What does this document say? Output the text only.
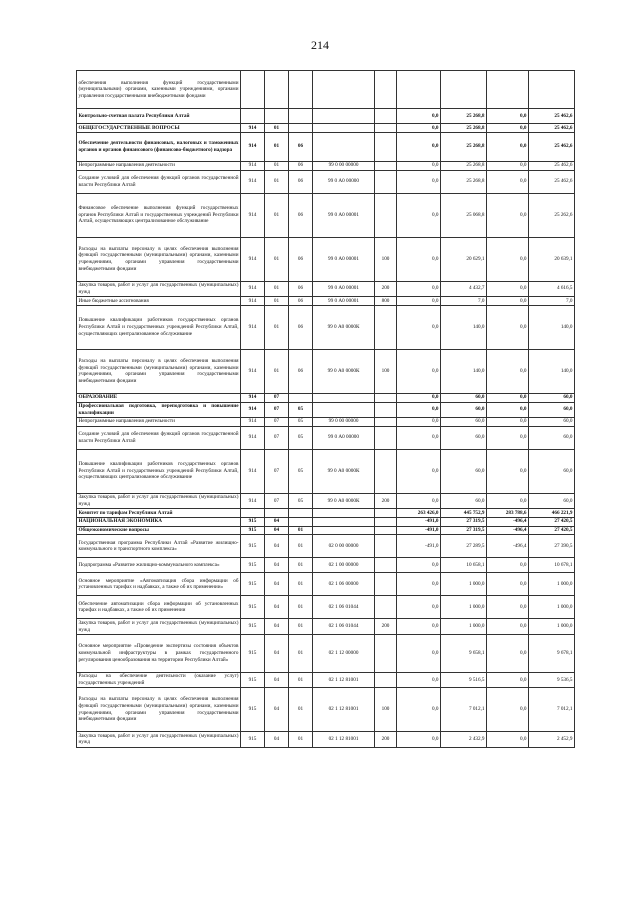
214
обеспечения выполнения функций государственными (муниципальными) органами, казенными учреждениями, органами управления государственными внебюджетными фондами									
Контрольно-счетная палата Республики Алтай						0,0	25 268,8	0,0	25 462,6
ОБЩЕГОСУДАРСТВЕННЫЕ ВОПРОСЫ	914	01				0,0	25 268,8	0,0	25 462,6
Обеспечение деятельности финансовых, налоговых и таможенных органов и органов финансового (финансово-бюджетного) надзора	914	01	06			0,0	25 268,8	0,0	25 462,6
Непрограммные направления деятельности	914	01	06	99 0 00 00000		0,0	25 268,8	0,0	25 462,6
Создание условий для обеспечения функций органов государственной власти Республики Алтай	914	01	06	99 0 А0 00000		0,0	25 268,8	0,0	25 462,6
Финансовое обеспечение выполнения функций государственных органов Республики Алтай и государственных учреждений Республики Алтай, осуществляющих централизованное обслуживание	914	01	06	99 0 А0 00001		0,0	25 068,8	0,0	25 262,6
Расходы на выплаты персоналу в целях обеспечения выполнения функций государственными (муниципальными) органами, казенными учреждениями, органами управления государственными внебюджетными фондами	914	01	06	99 0 А0 00001	100	0,0	20 629,1	0,0	20 639,1
Закупка товаров, работ и услуг для государственных (муниципальных) нужд	914	01	06	99 0 А0 00001	200	0,0	4 432,7	0,0	4 616,5
Иные бюджетные ассигнования	914	01	06	99 0 А0 00001	800	0,0	7,0	0,0	7,0
Повышение квалификации работников государственных органов Республики Алтай и государственных учреждений Республики Алтай, осуществляющих централизованное обслуживание	914	01	06	99 0 А0 0000К		0,0	140,0	0,0	140,0
Расходы на выплаты персоналу в целях обеспечения выполнения функций государственными (муниципальными) органами, казенными учреждениями, органами управления государственными внебюджетными фондами	914	01	06	99 0 А0 0000К	100	0,0	140,0	0,0	140,0
ОБРАЗОВАНИЕ	914	07				0,0	60,0	0,0	60,0
Профессиональная подготовка, переподготовка и повышение квалификации	914	07	05			0,0	60,0	0,0	60,0
Непрограммные направления деятельности	914	07	05	99 0 00 00000		0,0	60,0	0,0	60,0
Создание условий для обеспечения функций органов государственной власти Республики Алтай	914	07	05	99 0 А0 00000		0,0	60,0	0,0	60,0
Повышение квалификации работников государственных органов Республики Алтай и государственных учреждений Республики Алтай, осуществляющих централизованное обслуживание	914	07	05	99 0 А0 0000К		0,0	60,0	0,0	60,0
Закупка товаров, работ и услуг для государственных (муниципальных) нужд	914	07	05	99 0 А0 0000К	200	0,0	60,0	0,0	60,0
Комитет по тарифам Республики Алтай						263 426,0	445 752,9	283 788,6	466 221,9
НАЦИОНАЛЬНАЯ ЭКОНОМИКА	915	04				-491,0	27 319,5	-496,4	27 420,5
Общеэкономические вопросы	915	04	01			-491,0	27 319,5	-496,4	27 420,5
Государственная программа Республики Алтай «Развитие жилищно-коммунального и транспортного комплекса»	915	04	01	02 0 00 00000		-491,0	27 289,5	-496,4	27 390,5
Подпрограмма «Развитие жилищно-коммунального комплекса»	915	04	01	02 1 00 00000		0,0	10 658,1	0,0	10 678,1
Основное мероприятие «Автоматизация сбора информации об установленных тарифах и надбавках, а также об их применении»	915	04	01	02 1 06 00000		0,0	1 000,0	0,0	1 000,0
Обеспечение автоматизации сбора информации об установленных тарифах и надбавках, а также об их применении	915	04	01	02 1 06 01044		0,0	1 000,0	0,0	1 000,0
Закупка товаров, работ и услуг для государственных (муниципальных) нужд	915	04	01	02 1 06 01044	200	0,0	1 000,0	0,0	1 000,0
Основное мероприятие «Проведение экспертизы состояния объектов коммунальной инфраструктуры в рамках государственного регулирования ценообразования на территории Республики Алтай»	915	04	01	02 1 12 00000		0,0	9 658,1	0,0	9 678,1
Расходы на обеспечение деятельности (оказание услуг) государственных учреждений	915	04	01	02 1 12 81001		0,0	9 516,5	0,0	9 536,5
Расходы на выплаты персоналу в целях обеспечения выполнения функций государственными (муниципальными) органами, казенными учреждениями, органами управления государственными внебюджетными фондами	915	04	01	02 1 12 81001	100	0,0	7 012,1	0,0	7 012,1
Закупка товаров, работ и услуг для государственных (муниципальных) нужд	915	04	01	02 1 12 81001	200	0,0	2 432,9	0,0	2 452,9
